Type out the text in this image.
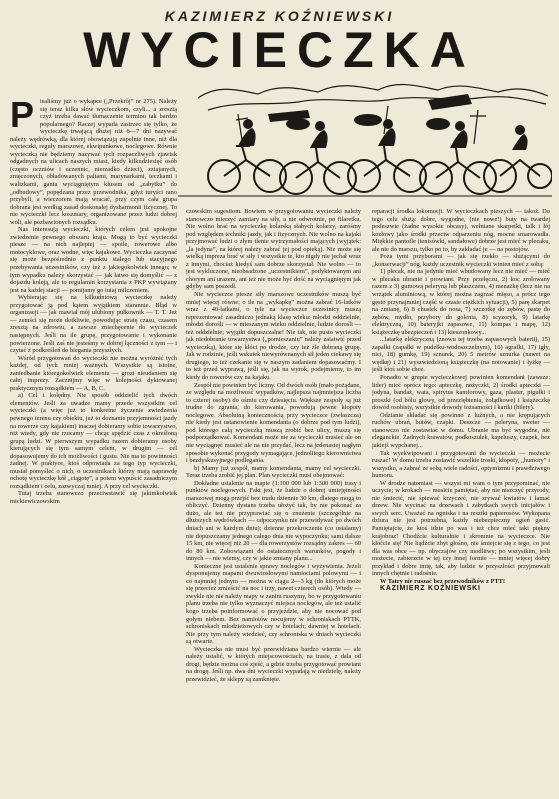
KAZIMIERZ KOŹNIEWSKI
WYCIECZKA

Pisaliśmy już o wykapce („Przekrój” nr 275). Należy się teraz kilka słów wycieczkom, czyli... a zresztą czyż trzeba dawać tłumaczenie terminu tak bardzo popularnego? Raczej wypada zastrzec się tylko, że wycieczkę trwającą dłużej niż 6—7 dni nazywać należy wędrówką, dla której obowiązują zupełnie inne, niż dla wycieczki, reguły marszowe, ekwipunkowe, noclegowe. Równie wycieczką nie będziemy nazywać tych rozpaczliwych zjawisk odgadnych na ulicach naszych miast, kiedy kilkudziesięć osób (często uczniów i uczennic, nierzadko dzieci), zziajanych, zmęczonych, obładowanych paltami, marynarkami, teczkami i walizkami, gania wyciągniętym kłusem od „zabytku” do „odbudowy”, popędzana przez przewodnika, gdyż turyści rano przybyli, a wieczorem mają wracać, przy czym cała grupa dobrana jest według zasad doskonałej dysharmonii fizycznej. To nie wycieczki lecz koszmary, organizowane przez ludzi dobrej woli, ale pozbawionych rozsądku.

Nas interesują wycieczki, których celem jest spokojne zwiedzenie pewnego obszaru kraju. Mogą to być wycieczki piesze — na nich najlepiej — spoile, rowerowe albo motocyklowe, oraz wodne, więc kajakowe. Wycieczka zaczynać się może bezpośrednio z punktu stałego lub stacyjnego przebywania uczestników, czy też z jakiegokolwiek innego; w tym wypadku należy skorzystać — jak łatwo się domyślić — z dojazdu koleją, ale to regulamin korzystania z PKP wywiązany jest na każdej stacji — pomijamy go tutaj milczeniem.

Wybierając się na kilkudniową wycieczkę należy przygotować ją pod kątem wyjątkiem starannie. Błąd w organizacji — jak mawiał mój ulubiony pułkownik — T. T. Jeż — zemści się może dotkliwie, powodując stratę czasu, czasem zresztą na zdrowiu, a zawsze zniechęcenie do wycieczek następnych. Jeśli na ile grupę, przygotowanie i wykonanie powierzone. Jeśli zaś nie jesteśmy w dobrej łączności z tym — i czytać z podkreśleń do biegania przyszłych.

Wśród przygotowań do wycieczki nie można wyróżnić tych każdej, od tych mniej ważnych. Wszystkie są istotne, zaniedbanie któregokolwiek elementu — grozi nieudaniem się całej imprezy. Zacznijmy więc w kolejności dyktowanej praktycznym rozsądkiem — A, B, C.

a) Cel i kolędny. Nie sposób oddzielić tych dwóch elementów. Jeśli za uwadze mamy przede wszystkim cel wycieczki (a więc już to konkretne życzenie zwiedzenia pewnego terenu czy obiektu, już to doznanie przyjemności jazdy na rowerze czy kajakiem) inaczej dobieramy sobie towarzystwo, niż wtedy, gdy nie rzucamy — chcąc spędzić czas z określoną grupą ludzi. W pierwszym wypadku razem dobieramy osoby kierujących się tym samym celem, w drugim — cel dopasowujemy do ich możliwości i gustu. Nie ma to powinności żadnej. W praktyce, ktoś odpowiada za tego typ wycieczki, musiał pomyśleć o nich, o uczestnikach którzy mają naprawdę ochotę wycieczkę kół „ciągotę”, a potem wypuścić zasadniczym rozsądkiem i celu, zazwyczaj mniej. A przy cel wycieczki.

Tutaj trzeba stanowczo przeciwstawić się jakimkolwiek mickiewiczowskim

czowskim sugestiom. Bowiem w przygotowaniu wycieczki należy stanowczo mierzyć zamiary na siły, a nie odwrotnie, po filaretku. Nie wolno brać na wycieczkę kolarską słabych kolarzy, zaróśmy pod względem techniki jazdy, jak i fizycznych. Nie wolno na kajaki przyjmować ludzi o złym tlenie wytrzymałości mających (wyjątek: „la jedyna”, na której należy zabrać jej pod opieką). Nie może się wielką impreza brać w siły i wszystkie te, kto nigdy nie jechał wraz z innymi, chociaż kiedyś sam dobrze skorzystał. Nie wolno — to jest wykluczone, nieobsadzone „uczestnikiem”, podyktowanym ani chorym ani urazem, ani też nie może być dość na wyciągniętym jak gdyby sam poszedł.

Nie wycieczce piesze siły marszowe uczestników muszą być mniej więcej równe; o ile na „wykapkę” można zabrać 16-latków wraz z 40-latkami, o tyle na wycieczce uczestnicy muszą reprezentować zasadniczo jednaką klasę wieku: młodzi oddzielnie, młodzi dorośli — w mieszanym wieku oddzielnie, ludzie dorośli — też oddzielnie; wyjątki dopuszczalne! Nie tak, nie pusto wycieczki jak niedobranie towarzystwa („pomieszaniu” należy zaiatwić przed wycieczką), które się kłóci po drodze, czy też źle dobraną grupę. Jak w rodzinie, jeśli wskutek niewyrównanych sił jeden ciekawy się drugiego, to też czekanie się w naszym zadaniem dopasowaćmy. I to też przed wyprawą, jeśli się, jak na wyrok, podejmiemy, to im kiedy do rowerów czy na kajaku.

Zespół nie powinien być liczny. Od dwóch osób (mało pożądane, ze względu na możliwość wypadków, najlepsza najmniejsza liczba to czterej osoby) do ośmiu czy dziesięciu. Większe zespoły są już trudne do zgrania, do kierowania, powodują pewne kłopoty noclegowe. Absolutną koniecznością przy wycieczce (zwłaszcza) nie kiedy jest ustanowienie komendanta (o dobrze pod tym ludzi), pod którego całą wycieczką muszą zrobić bez ulicy, muszą się podporządkować. Komendant może nie za wycieczki musieć ale on nie wyciągnęć musieć ale na nie przydać, lecz na jedenastej nagłym sposobie wykonać przygody wymagające, jednolitego kierownictwa i bezdyskusyjnego podlegania.

b) Mamy już zespół, mamy komendanta, mamy cel wycieczki. Teraz trzeba zrobić jej plan. Plan wycieczki musi obejmować:

Dokładne ustalenie na mapie (1:100 000 lub 1:300 000) trasy i punktów noclegowych. Fakt jest, że ludzie o dobrej umiejętności marszowej mogą przejść bez trudu dziennie 30 km, dlatego mogą to obliczyć. Dzienny dystans trzeba ułożyć tak, by nie pokonać za dużo, ale też nie przyprawiać się o znużenie (szczególnie na dłuższych wędrówkach — odpoczynku nie przewidywać po dwóch dniach ani w każdym dniu); dzienne przekroczenie (co ustalamy) nie dopuszczamy jednego całego dnia nie wypoczynku; sami dalsze 15 km, nie więcej niż 20 — dla rowerzystów rozsądny zakres — 60 do 80 km. Zobowiązani do ostatecznych warunków, pogody i innych — nie wiemy, czy w jakie zmiany planu...

Konieczne jest ustalenie sprawy noclegów i wyżywienia. Jeżeli dysponujemy mapami dwuwiosłowymi namiociami polowymi — i co najmniej jednym — można w ciągu 2—3 kg (do których może się przecież zmieścić na noc i trzy, nawet czterech osób). Wtedy — zwykle nie nie należy mapy w zanim ruszymy, bo w przygotowaniu planu trzeba nie tylko wyznaczyć miejsca noclegów, ale też ustalić kogo trzeba poinformować o przyjeździe, aby nie nocować pod gołym niebem. Bez namiotów nocujemy w schroniskach PTTK, schroniskach młodzieżowych czy w hotelach; dawniej w hotelach. Nie przy tym należy wiedzieć, czy schroniska w dniach wycieczki są otwarte.

Wycieczka nie musi być przewidziana bardzo wiernie — ale należy ustalić, w których miejscowościach, na trasie, z dala od drogi, będzie można coś zjeść, a gdzie trzeba przygotować prowiant na drogę. Jeśli np. dwa dni wycieczki wypadają w niedzielę, należy przewidzieć, że sklepy są zamknięte.

reparacji środka lokomocji. W wycieczkach pieszych — takoż. Do tego celu służą: dobre, wygodne, (nie nowe!) buty na twardej podeszwie (żadne wysokie obcasy), wełniane skarpetki, talk i łój kozłowy jako środki przeciw odparzeniu nóg, mocne smarowadła. Miękkie pantofle (tenisówki, sandałowe) dobrze jest mieć w plecaku, ale nie do marszu, tylko po to, by zakładać je — na postojów.

Poza tymi przyborami — jak się rzekło — służącymi do „konserwacji” nóg, każdy uczestnik wycieczki winien mieć z sobą:

1) plecak, nie na jedynie mieć wbudowany lecz nie mieć — mieć w plecaku ubranie i prowiant. Przy przełęczu, 2) koc zrolowany razem z 3) gumową peleryną lub płaszczem, 4) menażkę (lecz nie na wrzątek aluminiową, w której można zagrzać mięso, a prócz tego gęsto przynajmniej część w czasie ciężkich sytuacji), 5) parę skarpet na zmianę, 6) 8 chustek do nosa, 7) szczotkę do zębów, pastę do zębów, mydło, przybory do golenia, 8) scyzoryk, 9) latarkę elektryczną, 10) bateryjki zapasowe, 11) kompas i mapę, 12) książeczkę ubezpieczeń i 13) kieszonkowy...

...latarkę elektryczną (znowu tej trzeba zapasowych baterii), 15) zapałki (zapałki w pudełku-wodoszczelnym), 16) agrafki, 17) igły, nici, 18) gumkę, 19) sznurek, 20) 5 metrów sznurka (nawet na wędkę) i 21) wyszwiedzioną książeczkę (na notowanie) i łyżkę — jeśli ktoś sobie chce.

Ponadto w grupie wycieczkowej powinien komendant (zawsze: lider) mieć oprócz tego: apteczkę, nożyczki, 2) środki apteczki — jodyna, bandaż, wata, spirytus kamforowy, gaza, plaster, pigułki i proszki (od bólu głowy, od przeziębienia, żołądkowe) i książeczkę dowód osobisty, wszystkie dowody tożsamości i kartki (bilety).

Odzianie składać się powinno z luźnych, a nie krępujących ruchów ubrań, butów, czapki. Deszcze — peleryna, sweter — stanowczo nie zostawiać w domu. Ubranie ma być wygodne, nie eleganckie. Żadnych krawatów, podkoszulek, kapeluszy, czapek, bez jakiejś wypchanej...

Tak wyekwipowani i przygotowani do wycieczki — możecie ruszać! W domu trzeba zostawić wszelkie troski, kłopoty, „humory” i wszystko, a zabrać ze sobą wiele radości, optymizmu i prawdziwego humoru.

W drodze natomiast — wszyst mi wam o tym przypominać, nie uczycie; w krokach — musicie pamiętać, aby nie niszczyć przyrody, nie śmiecić, nie śpiewać krzyczeć, nie zrywać kwiatów i łamać drzew. Nie wycinać na drzewach i zabytkach swych inicjałów i swych serc. Uważać na ogniska i na resztki papierosów. Wykopana dziura nie jest potrzebna, każdy niebezpieczny ogień gasić. Pamiętajcie, że ktoś idzie po was i też chce mieć taki piękny krajobraz! Chodźcie kulturalnie i skromnie na wycieczce. Nie kłóćcie się! Nie bądźcie zbyt głośno, nie śmiejcie się z tego, co jest dla was obce — np. obyczajów czy modlitwy; po wszystkim, jeśli możecie, zabierzcie w tej czy innej formie — mniej więcej dobry przykład i dobre imię, tak, aby ludzie w przyszłości przyjmowali innych chętnie i radośnie.

W Tatry nie ruszać bez przewodników z PTT!

KAZIMIERZ KOŹNIEWSKI
